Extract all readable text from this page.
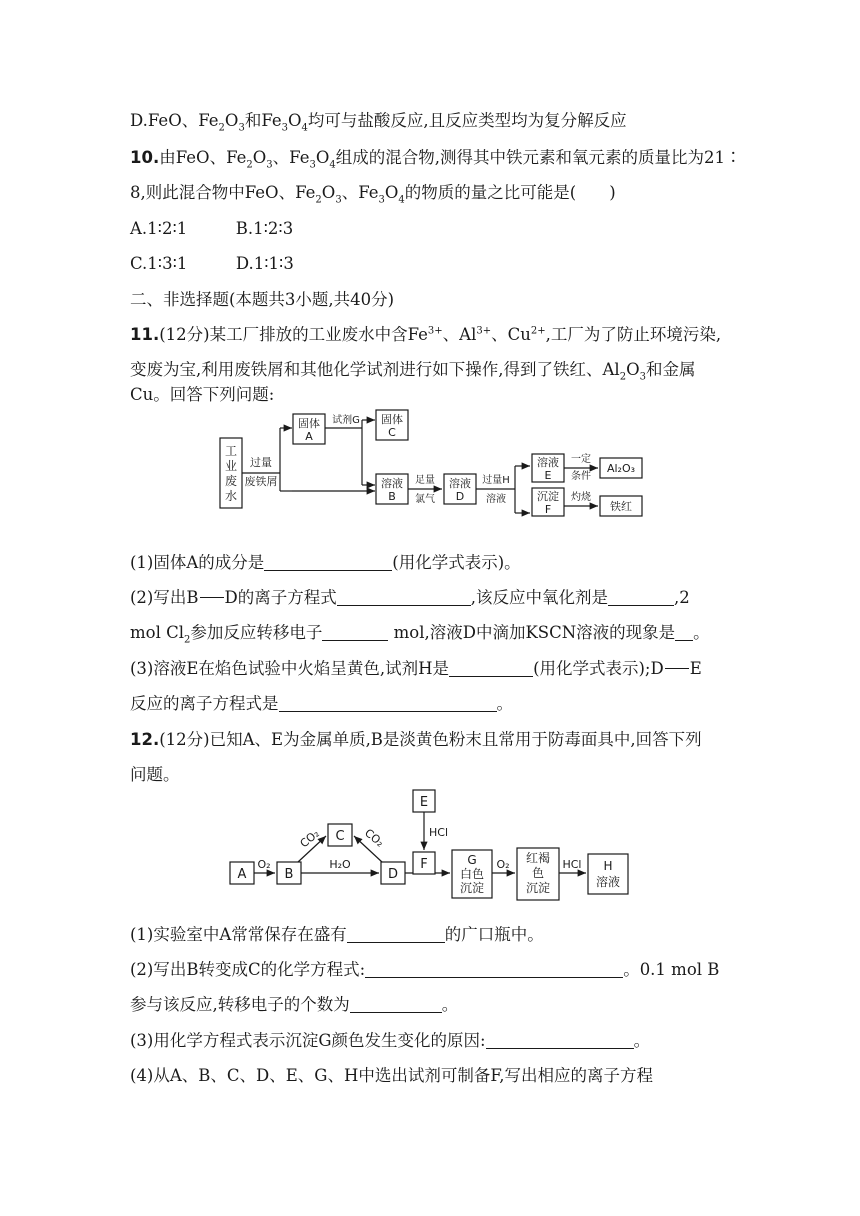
D.FeO、$Fe_2O_3$和$Fe_3O_4$均可与盐酸反应,且反应类型均为复分解反应
10.由FeO、$Fe_2O_3$、$Fe_3O_4$组成的混合物,测得其中铁元素和氧元素的质量比为21∶
8,则此混合物中FeO、$Fe_2O_3$、$Fe_3O_4$的物质的量之比可能是(　　)
A.1∶2∶1	B.1∶2∶3
C.1∶3∶1	D.1∶1∶3
二、非选择题(本题共3小题,共40分)
11.(12分)某工厂排放的工业废水中含$Fe^{3+}$、$Al^{3+}$、$Cu^{2+}$,工厂为了防止环境污染,
变废为宝,利用废铁屑和其他化学试剂进行如下操作,得到了铁红、$Al_2O_3$和金属
Cu。回答下列问题:
工
业
废
水
过量
废铁屑
固体
A
试剂G 固体
C
溶液
B
足量
氯气
溶液
D
过量H
溶液
溶液
E
一定
条件
Al₂O₃
沉淀
F
灼烧
铁红
(1)固体A的成分是	(用化学式表示)。
(2)写出B D的离子方程式	,该反应中氧化剂是	,2
mol $Cl_2$参加反应转移电子	mol,溶液D中滴加KSCN溶液的现象是 。
(3)溶液E在焰色试验中火焰呈黄色,试剂H是	(用化学式表示);D E
反应的离子方程式是	。
12.(12分)已知A、E为金属单质,B是淡黄色粉末且常用于防毒面具中,回答下列
问题。
A
O₂
B
CO₂ C CO₂
H₂O
D
E
HCl
F	G
白色
沉淀
O₂ 红褐
色
沉淀
HCl H
溶液
(1)实验室中A常常保存在盛有	的广口瓶中。
(2)写出B转变成C的化学方程式:	。0.1 mol B
参与该反应,转移电子的个数为	。
(3)用化学方程式表示沉淀G颜色发生变化的原因:	。
(4)从A、B、C、D、E、G、H中选出试剂可制备F,写出相应的离子方程
